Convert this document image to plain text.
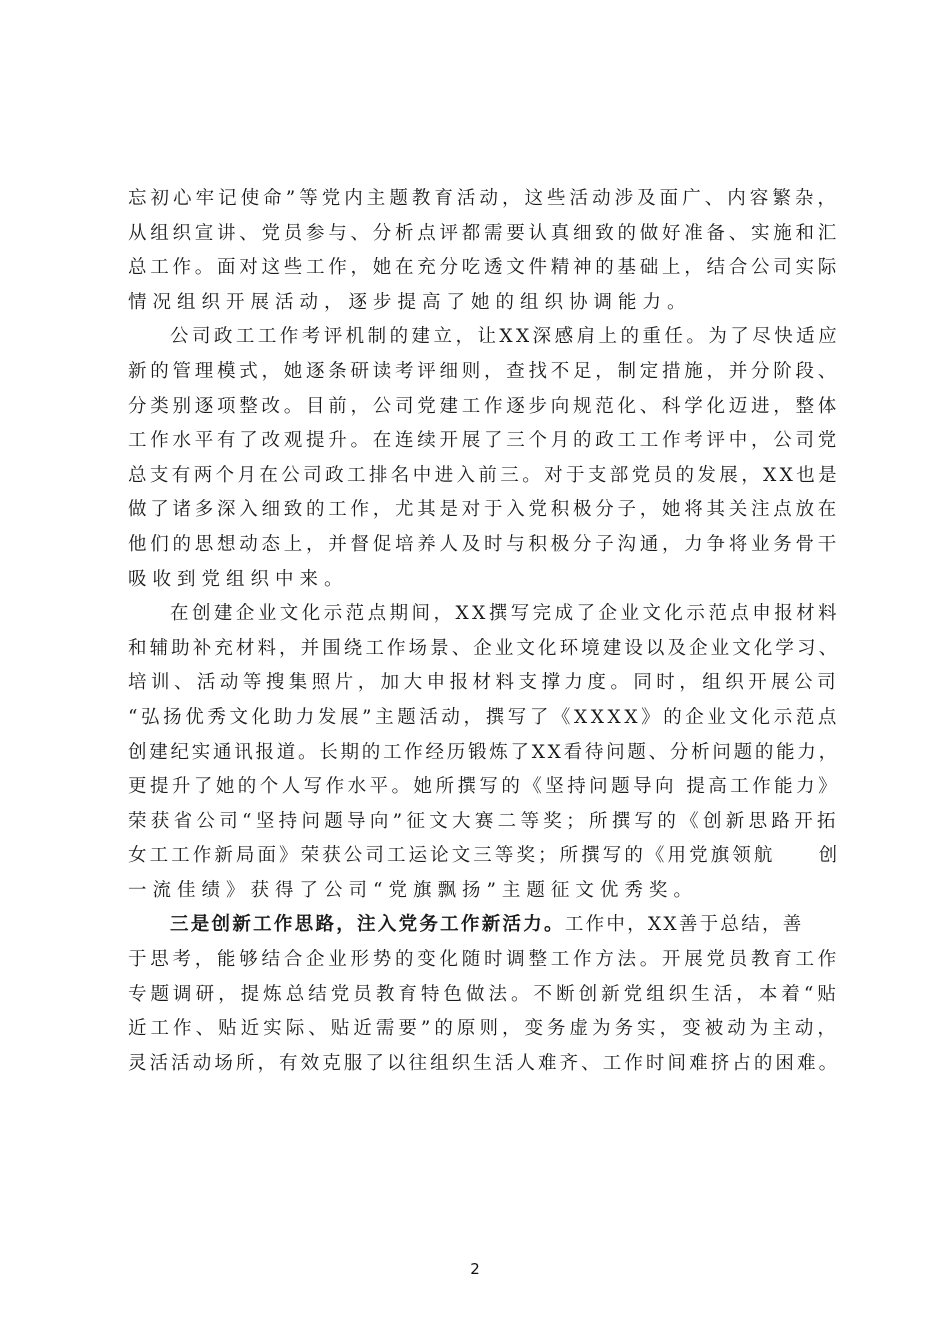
忘初心牢记使命”等党内主题教育活动，这些活动涉及面广、内容繁杂，
从组织宣讲、党员参与、分析点评都需要认真细致的做好准备、实施和汇
总工作。面对这些工作，她在充分吃透文件精神的基础上，结合公司实际
情况组织开展活动，逐步提高了她的组织协调能力。
公司政工工作考评机制的建立，让XX深感肩上的重任。为了尽快适应
新的管理模式，她逐条研读考评细则，查找不足，制定措施，并分阶段、
分类别逐项整改。目前，公司党建工作逐步向规范化、科学化迈进，整体
工作水平有了改观提升。在连续开展了三个月的政工工作考评中，公司党
总支有两个月在公司政工排名中进入前三。对于支部党员的发展，XX也是
做了诸多深入细致的工作，尤其是对于入党积极分子，她将其关注点放在
他们的思想动态上，并督促培养人及时与积极分子沟通，力争将业务骨干
吸收到党组织中来。
在创建企业文化示范点期间，XX撰写完成了企业文化示范点申报材料
和辅助补充材料，并围绕工作场景、企业文化环境建设以及企业文化学习、
培训、活动等搜集照片，加大申报材料支撑力度。同时，组织开展公司
“弘扬优秀文化助力发展”主题活动，撰写了《XXXX》的企业文化示范点
创建纪实通讯报道。长期的工作经历锻炼了XX看待问题、分析问题的能力，
更提升了她的个人写作水平。她所撰写的《坚持问题导向 提高工作能力》
荣获省公司“坚持问题导向”征文大赛二等奖；所撰写的《创新思路开拓
女工工作新局面》荣获公司工运论文三等奖；所撰写的《用党旗领航　　创
一流佳绩》获得了公司“党旗飘扬”主题征文优秀奖。
三是创新工作思路，注入党务工作新活力。工作中，XX善于总结，善
于思考，能够结合企业形势的变化随时调整工作方法。开展党员教育工作
专题调研，提炼总结党员教育特色做法。不断创新党组织生活，本着“贴
近工作、贴近实际、贴近需要”的原则，变务虚为务实，变被动为主动，
灵活活动场所，有效克服了以往组织生活人难齐、工作时间难挤占的困难。
2
